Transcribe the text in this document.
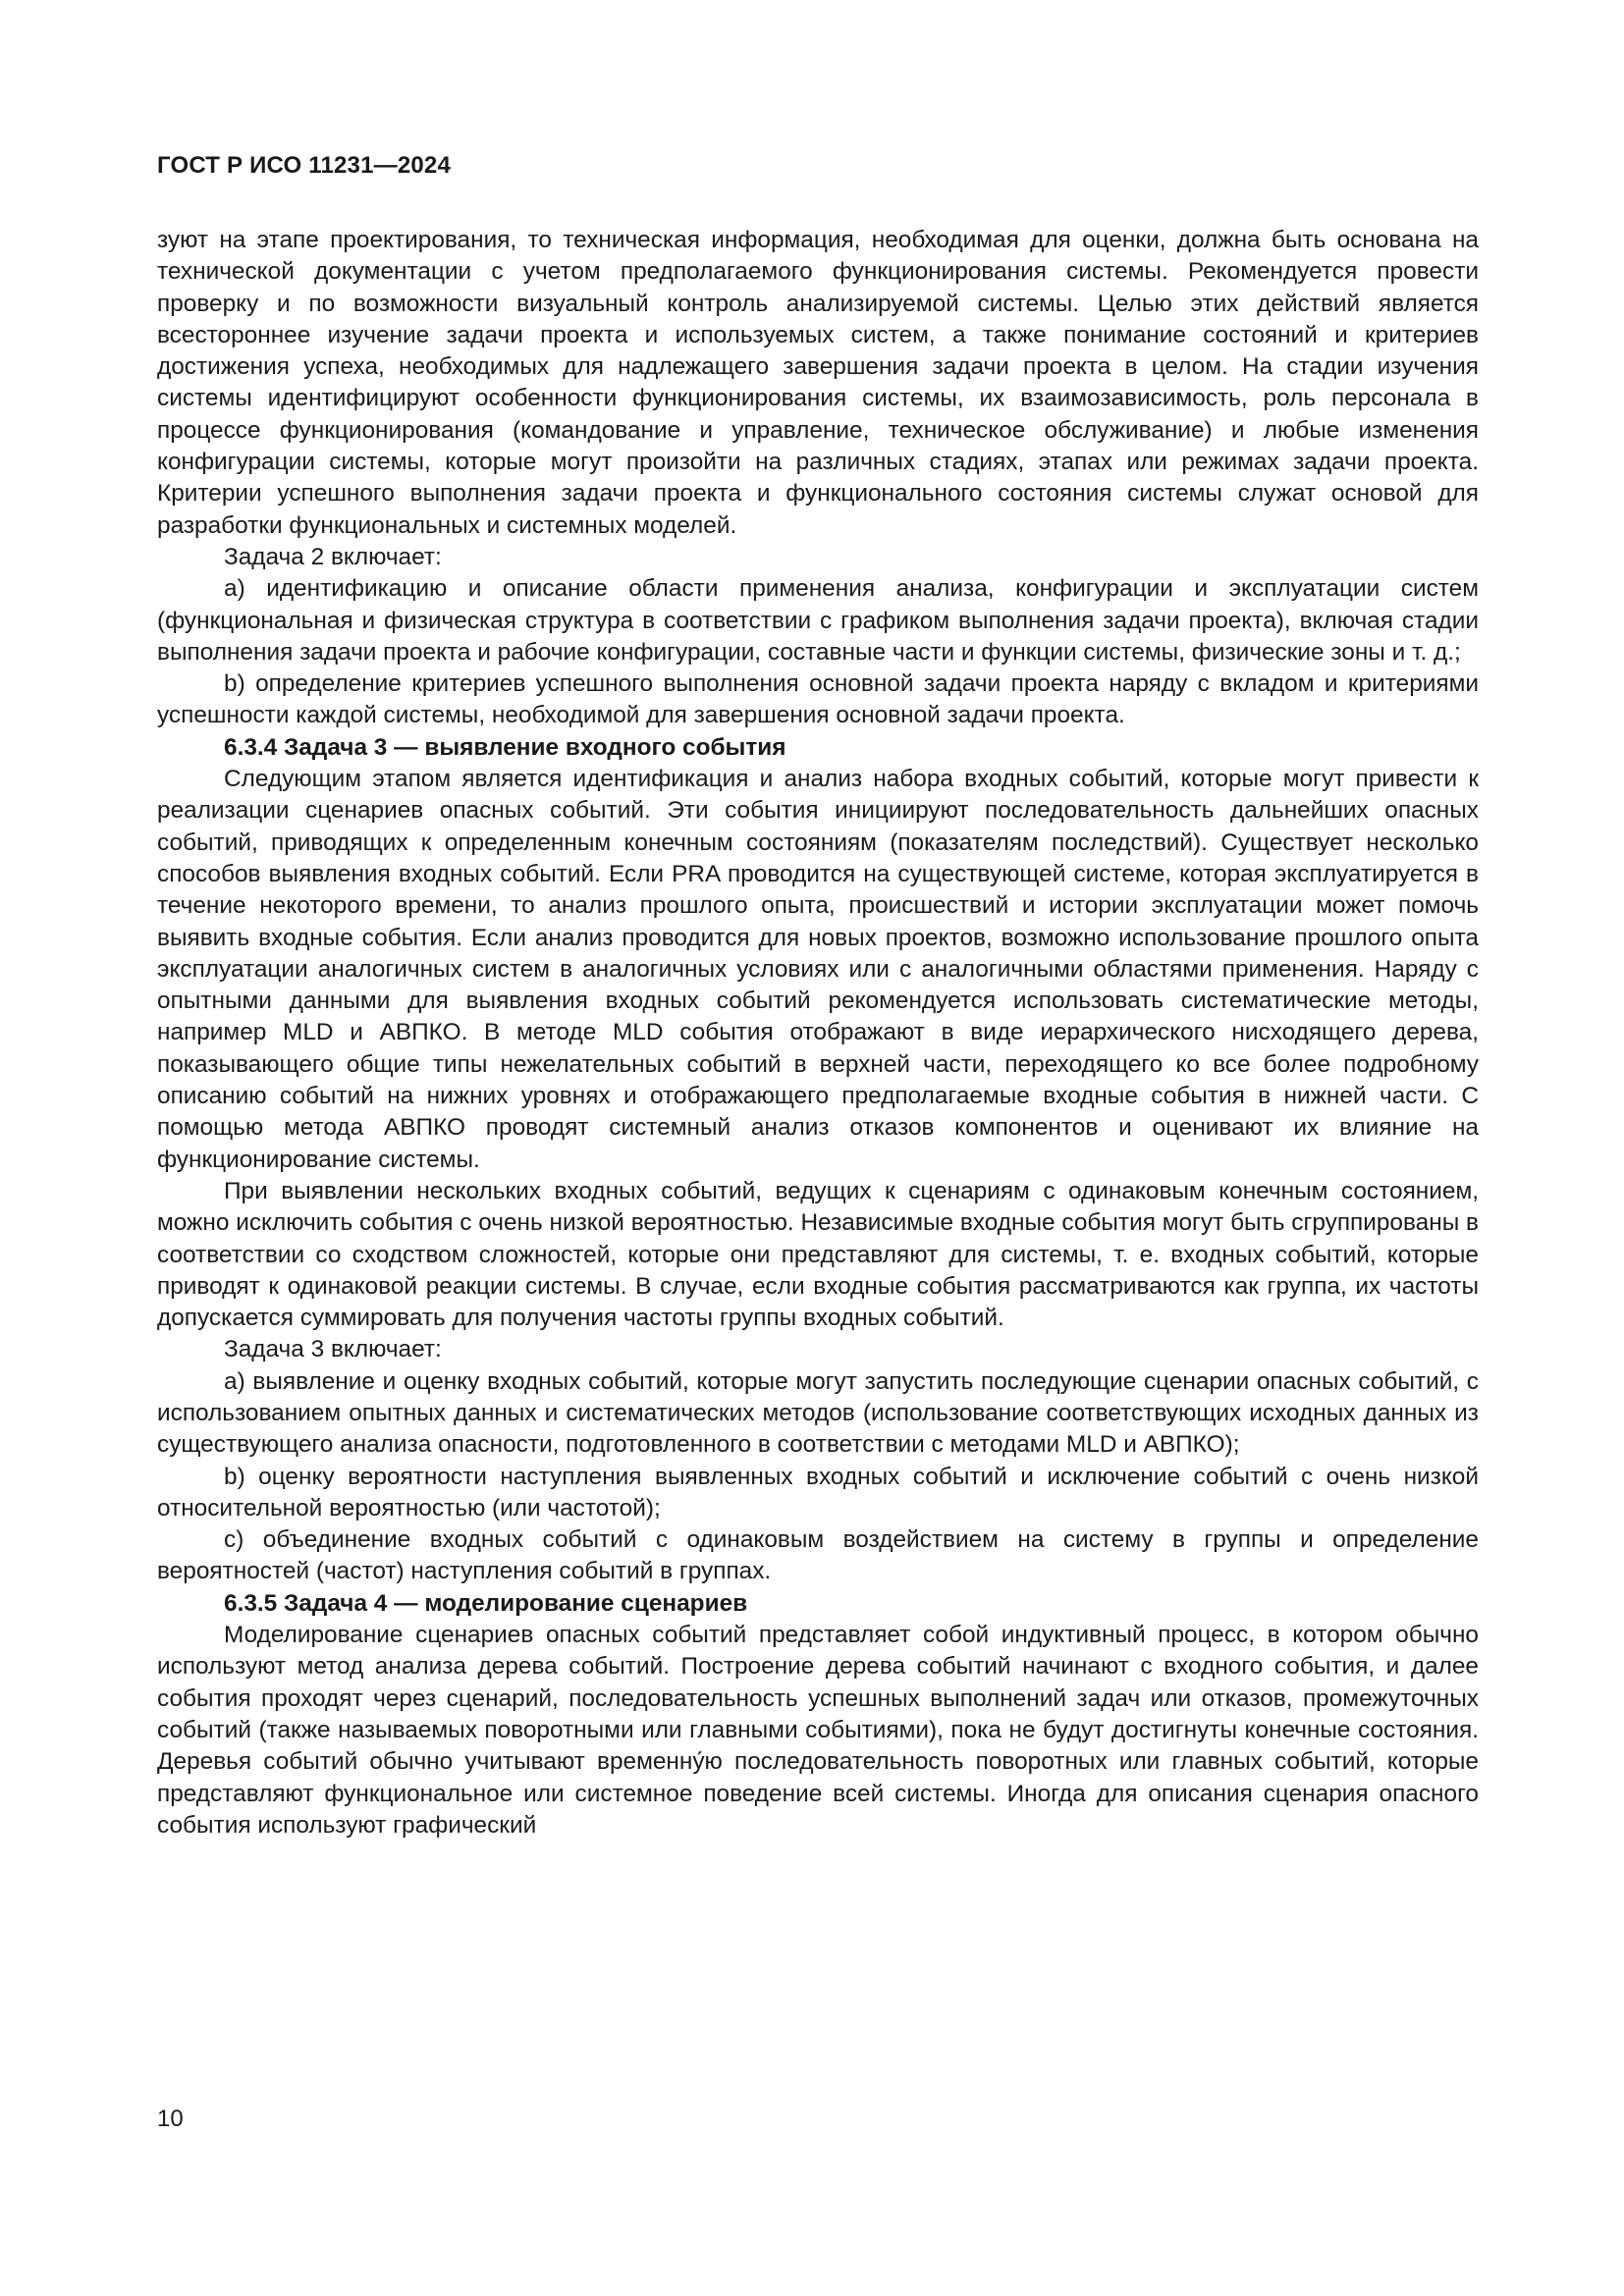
ГОСТ Р ИСО 11231—2024

зуют на этапе проектирования, то техническая информация, необходимая для оценки, должна быть основана на технической документации с учетом предполагаемого функционирования системы. Рекомендуется провести проверку и по возможности визуальный контроль анализируемой системы. Целью этих действий является всестороннее изучение задачи проекта и используемых систем, а также понимание состояний и критериев достижения успеха, необходимых для надлежащего завершения задачи проекта в целом. На стадии изучения системы идентифицируют особенности функционирования системы, их взаимозависимость, роль персонала в процессе функционирования (командование и управление, техническое обслуживание) и любые изменения конфигурации системы, которые могут произойти на различных стадиях, этапах или режимах задачи проекта. Критерии успешного выполнения задачи проекта и функционального состояния системы служат основой для разработки функциональных и системных моделей.

Задача 2 включает:

a) идентификацию и описание области применения анализа, конфигурации и эксплуатации систем (функциональная и физическая структура в соответствии с графиком выполнения задачи проекта), включая стадии выполнения задачи проекта и рабочие конфигурации, составные части и функции системы, физические зоны и т. д.;

b) определение критериев успешного выполнения основной задачи проекта наряду с вкладом и критериями успешности каждой системы, необходимой для завершения основной задачи проекта.

6.3.4 Задача 3 — выявление входного события

Следующим этапом является идентификация и анализ набора входных событий, которые могут привести к реализации сценариев опасных событий. Эти события инициируют последовательность дальнейших опасных событий, приводящих к определенным конечным состояниям (показателям последствий). Существует несколько способов выявления входных событий. Если PRA проводится на существующей системе, которая эксплуатируется в течение некоторого времени, то анализ прошлого опыта, происшествий и истории эксплуатации может помочь выявить входные события. Если анализ проводится для новых проектов, возможно использование прошлого опыта эксплуатации аналогичных систем в аналогичных условиях или с аналогичными областями применения. Наряду с опытными данными для выявления входных событий рекомендуется использовать систематические методы, например MLD и АВПКО. В методе MLD события отображают в виде иерархического нисходящего дерева, показывающего общие типы нежелательных событий в верхней части, переходящего ко все более подробному описанию событий на нижних уровнях и отображающего предполагаемые входные события в нижней части. С помощью метода АВПКО проводят системный анализ отказов компонентов и оценивают их влияние на функционирование системы.

При выявлении нескольких входных событий, ведущих к сценариям с одинаковым конечным состоянием, можно исключить события с очень низкой вероятностью. Независимые входные события могут быть сгруппированы в соответствии со сходством сложностей, которые они представляют для системы, т. е. входных событий, которые приводят к одинаковой реакции системы. В случае, если входные события рассматриваются как группа, их частоты допускается суммировать для получения частоты группы входных событий.

Задача 3 включает:

a) выявление и оценку входных событий, которые могут запустить последующие сценарии опасных событий, с использованием опытных данных и систематических методов (использование соответствующих исходных данных из существующего анализа опасности, подготовленного в соответствии с методами MLD и АВПКО);

b) оценку вероятности наступления выявленных входных событий и исключение событий с очень низкой относительной вероятностью (или частотой);

c) объединение входных событий с одинаковым воздействием на систему в группы и определение вероятностей (частот) наступления событий в группах.

6.3.5 Задача 4 — моделирование сценариев

Моделирование сценариев опасных событий представляет собой индуктивный процесс, в котором обычно используют метод анализа дерева событий. Построение дерева событий начинают с входного события, и далее события проходят через сценарий, последовательность успешных выполнений задач или отказов, промежуточных событий (также называемых поворотными или главными событиями), пока не будут достигнуты конечные состояния. Деревья событий обычно учитывают временну́ю последовательность поворотных или главных событий, которые представляют функциональное или системное поведение всей системы. Иногда для описания сценария опасного события используют графический

10
